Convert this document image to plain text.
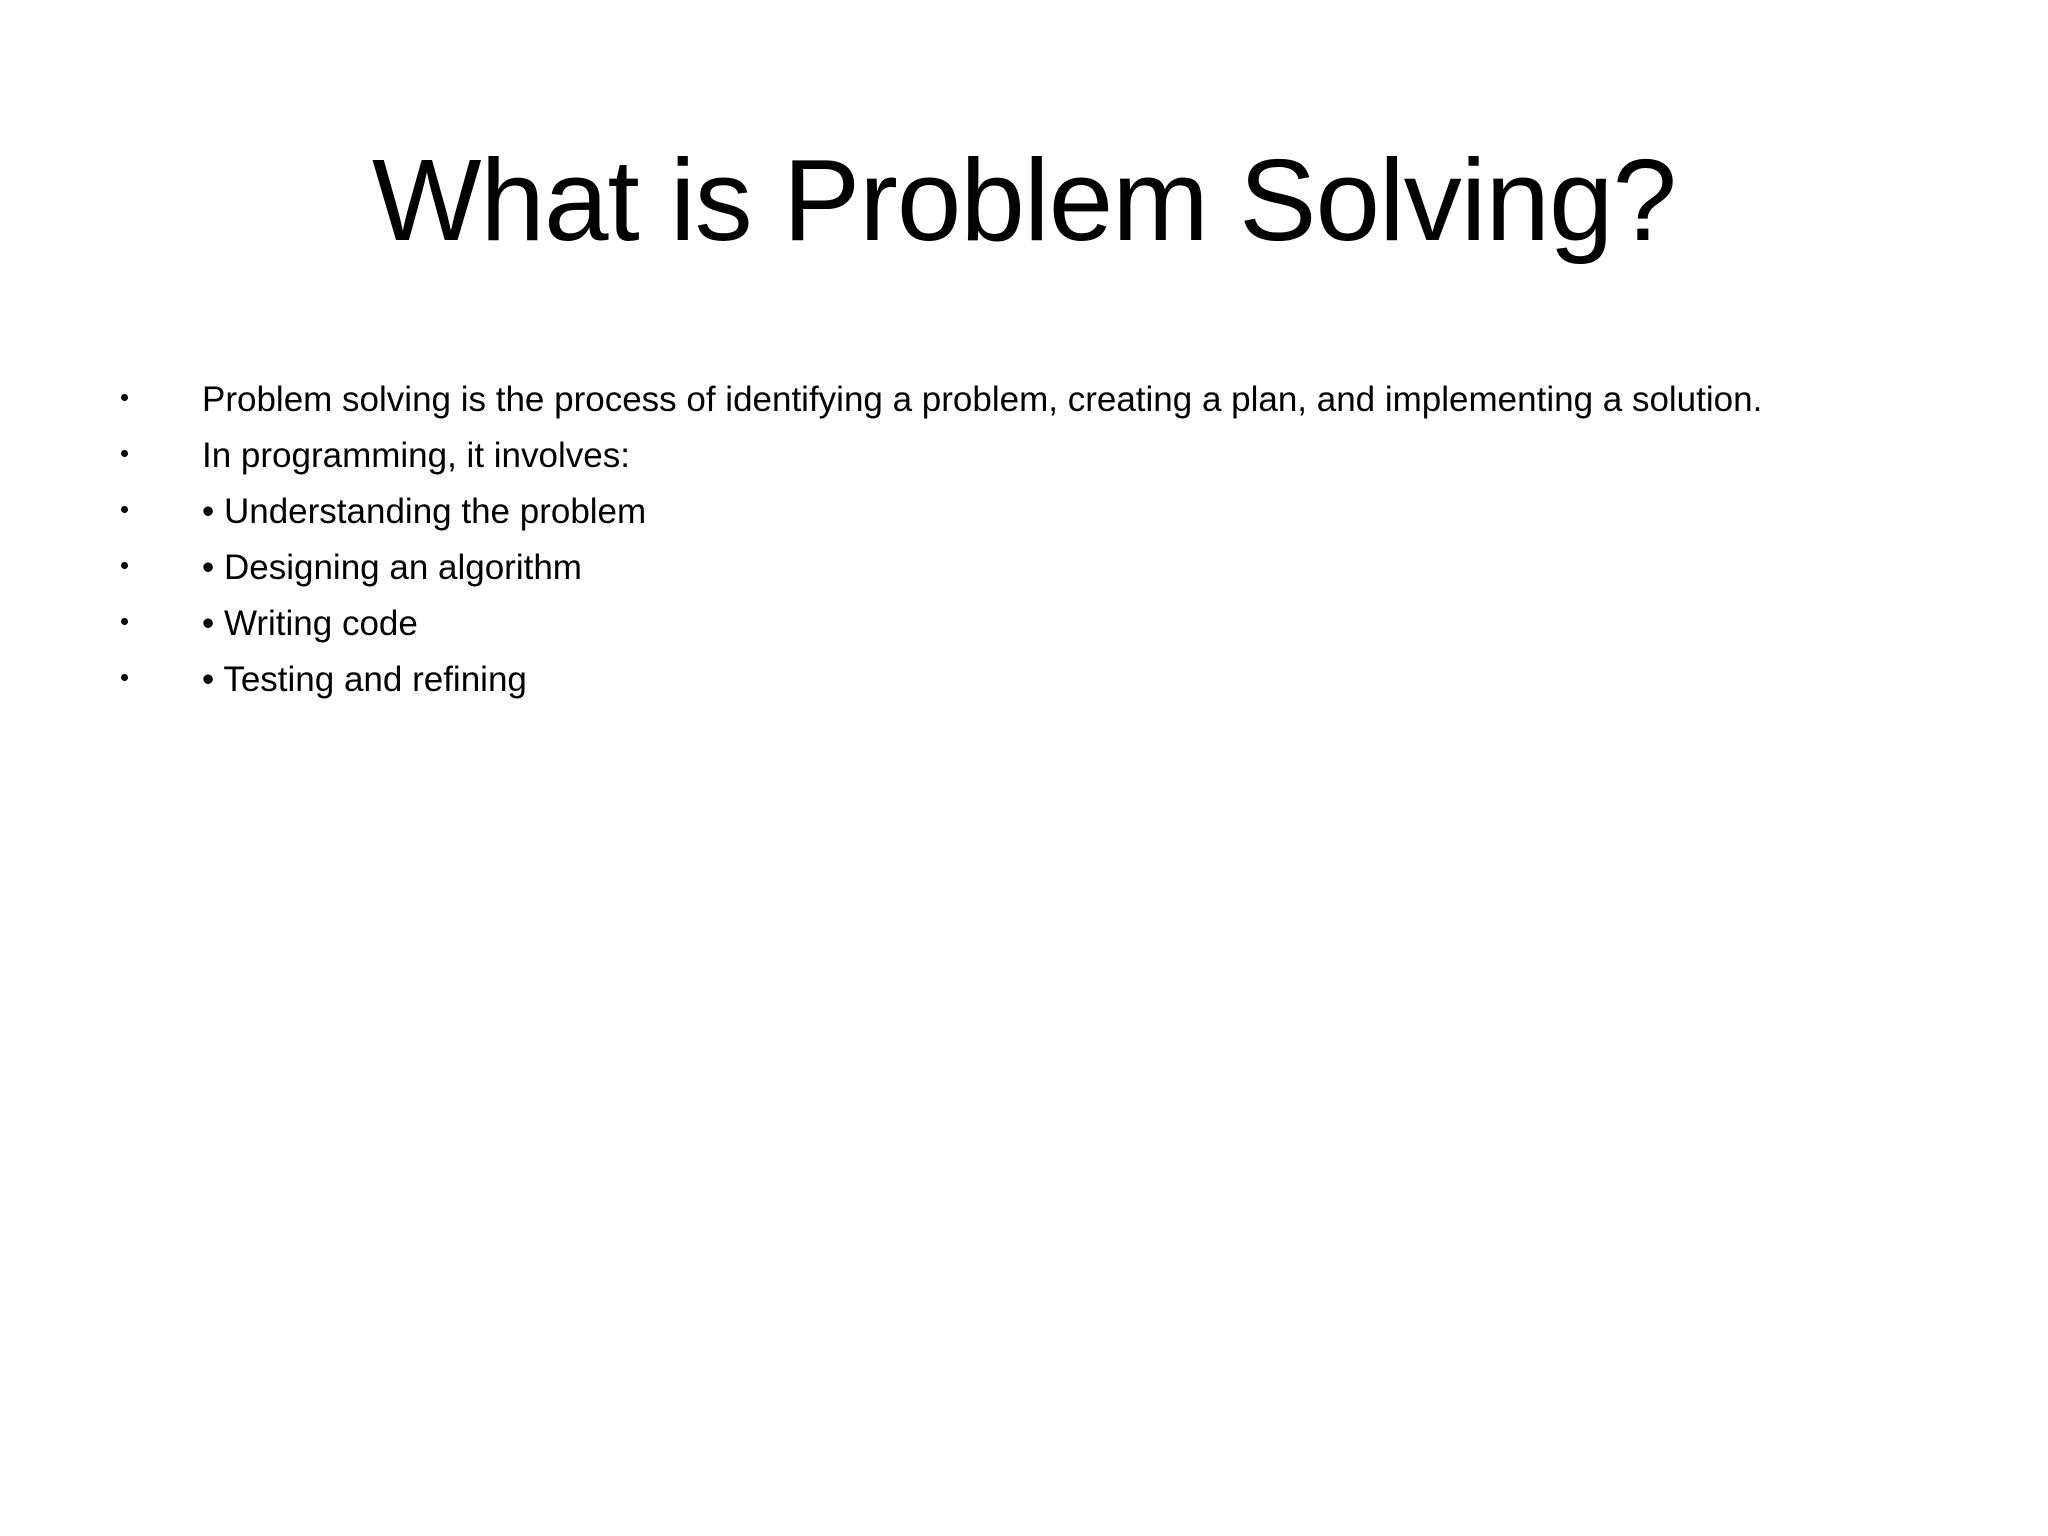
What is Problem Solving?
•	Problem solving is the process of identifying a problem, creating a plan, and implementing a solution.
•	In programming, it involves:
•	• Understanding the problem
•	• Designing an algorithm
•	• Writing code
•	• Testing and refining
